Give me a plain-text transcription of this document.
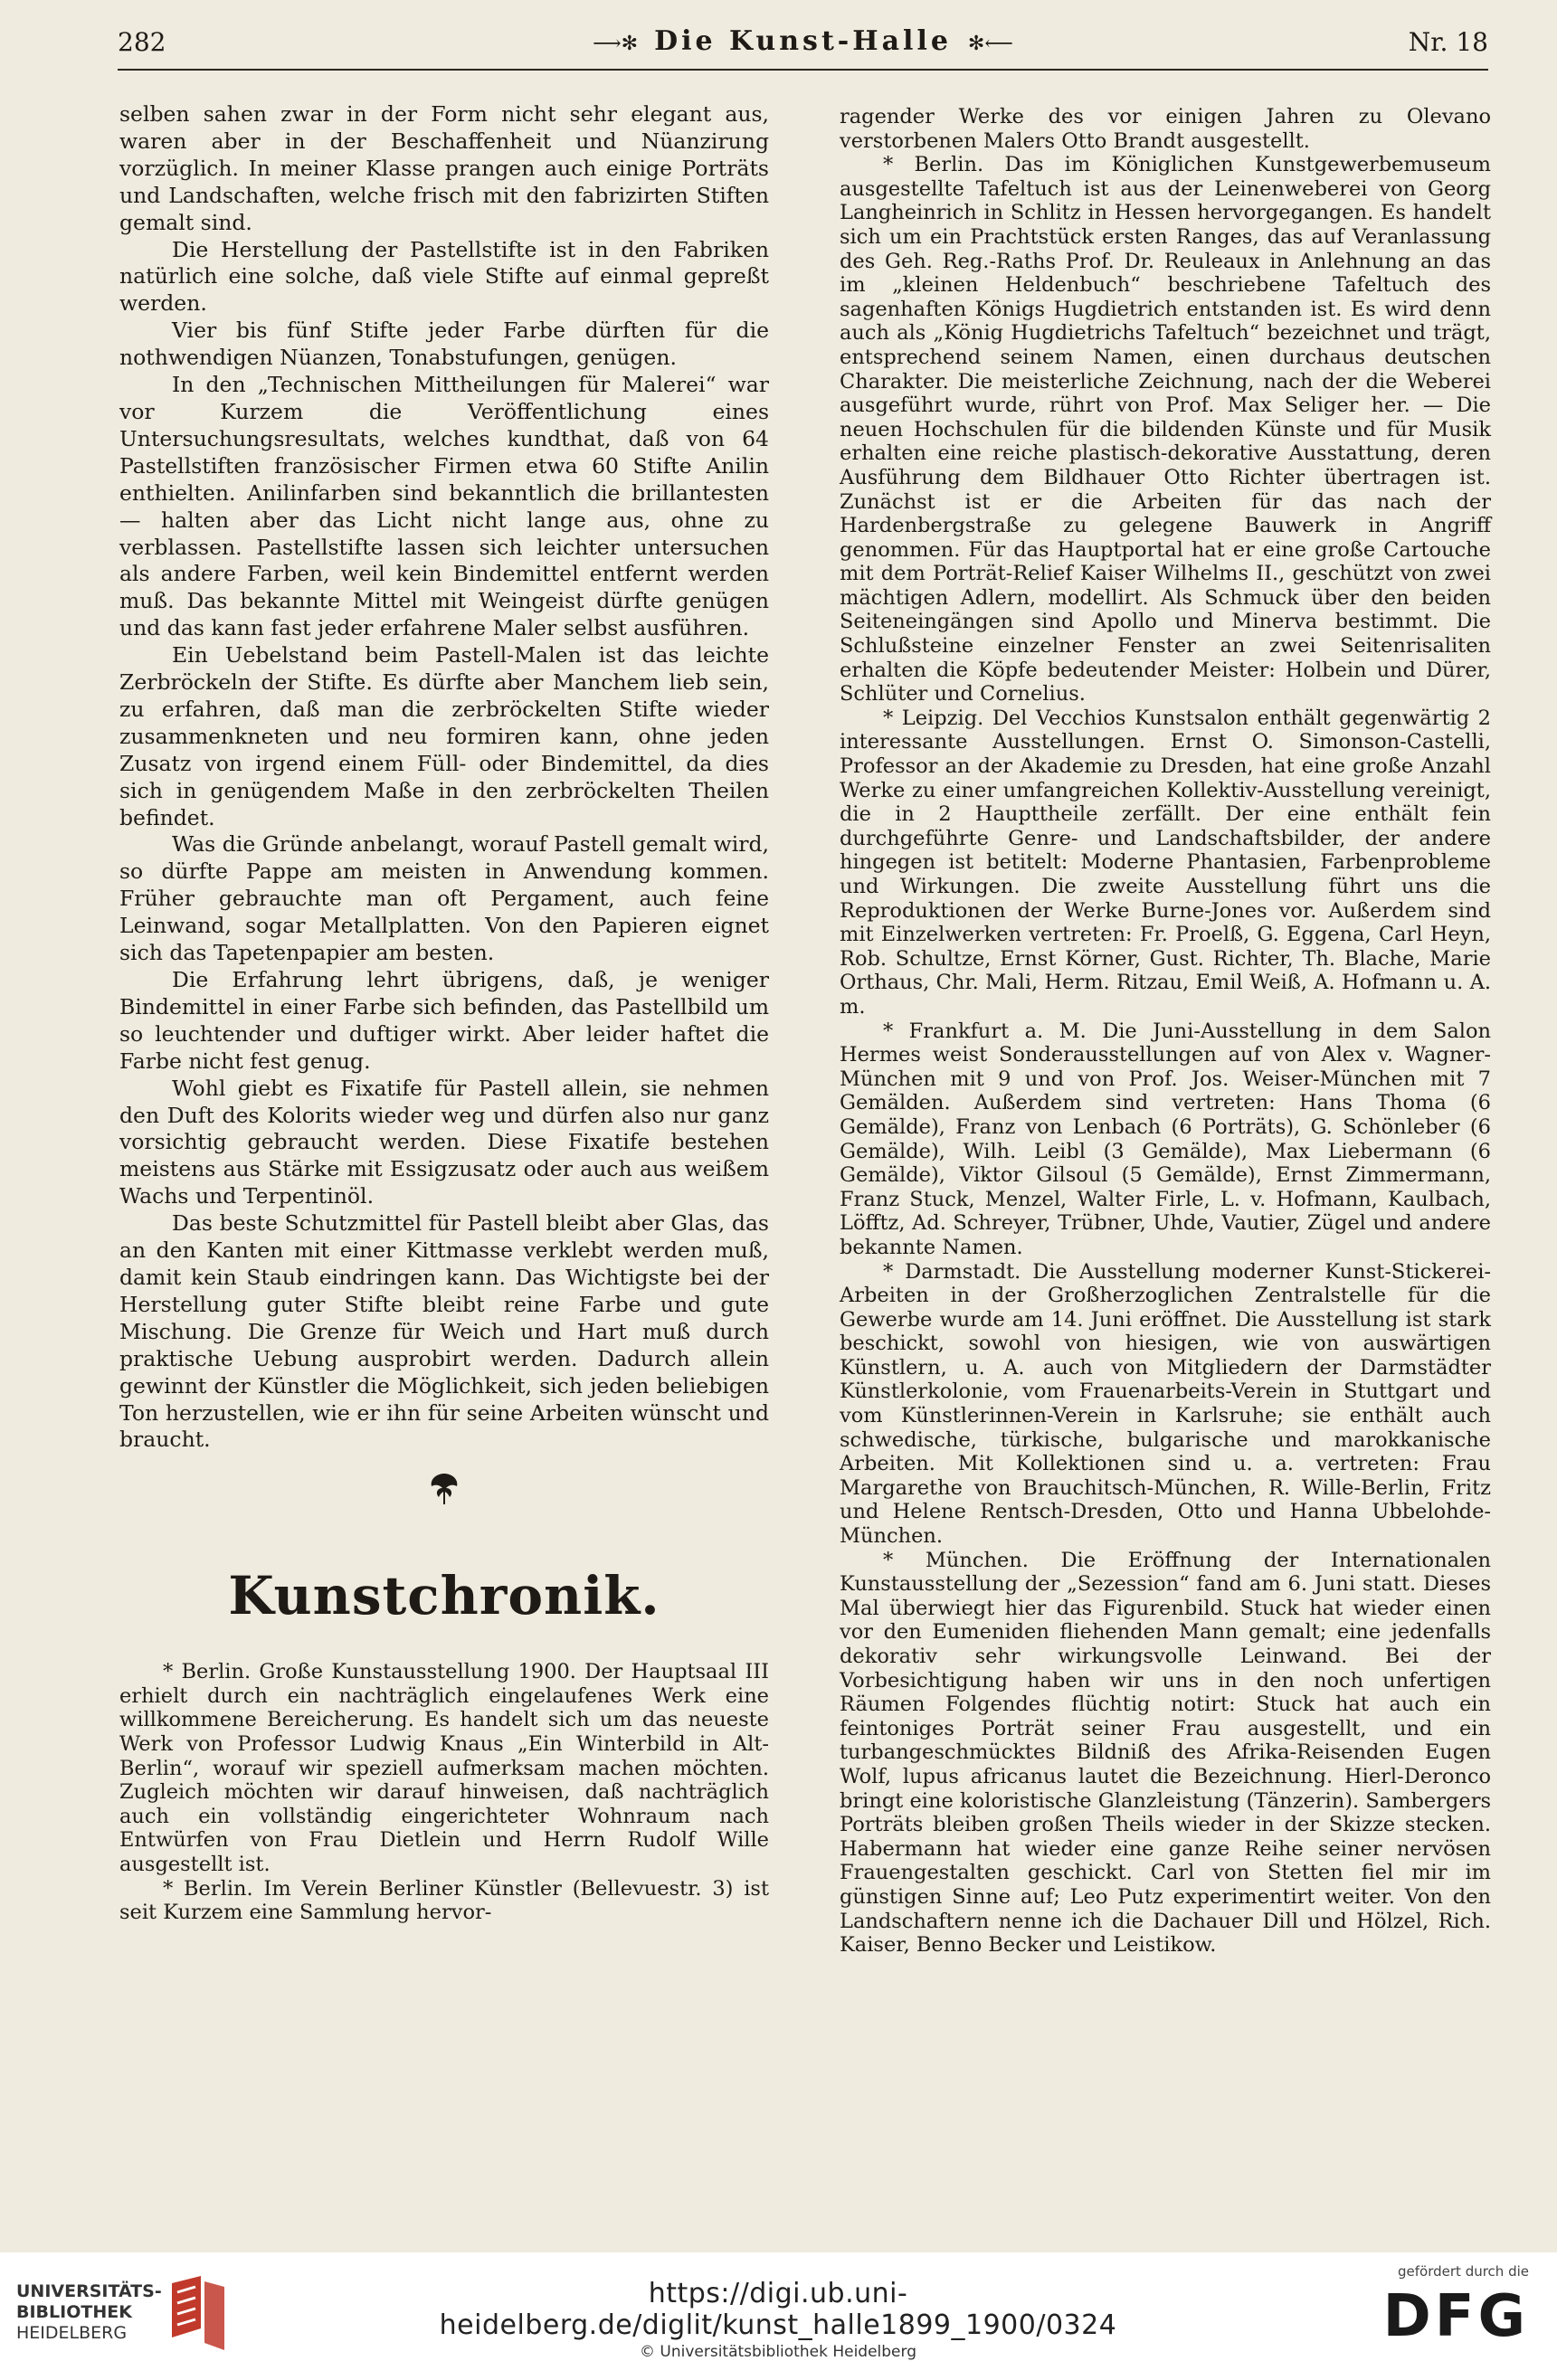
282	⟶✻ Die Kunst-Halle ✻⟵	Nr. 18

selben sahen zwar in der Form nicht sehr elegant aus, waren aber in der Beschaffenheit und Nüanzirung vorzüglich. In meiner Klasse prangen auch einige Porträts und Landschaften, welche frisch mit den fabrizirten Stiften gemalt sind.

Die Herstellung der Pastellstifte ist in den Fabriken natürlich eine solche, daß viele Stifte auf einmal gepreßt werden.

Vier bis fünf Stifte jeder Farbe dürften für die nothwendigen Nüanzen, Tonabstufungen, genügen.

In den „Technischen Mittheilungen für Malerei“ war vor Kurzem die Veröffentlichung eines Untersuchungsresultats, welches kundthat, daß von 64 Pastellstiften französischer Firmen etwa 60 Stifte Anilin enthielten. Anilinfarben sind bekanntlich die brillantesten — halten aber das Licht nicht lange aus, ohne zu verblassen. Pastellstifte lassen sich leichter untersuchen als andere Farben, weil kein Bindemittel entfernt werden muß. Das bekannte Mittel mit Weingeist dürfte genügen und das kann fast jeder erfahrene Maler selbst ausführen.

Ein Uebelstand beim Pastell-Malen ist das leichte Zerbröckeln der Stifte. Es dürfte aber Manchem lieb sein, zu erfahren, daß man die zerbröckelten Stifte wieder zusammenkneten und neu formiren kann, ohne jeden Zusatz von irgend einem Füll- oder Bindemittel, da dies sich in genügendem Maße in den zerbröckelten Theilen befindet.

Was die Gründe anbelangt, worauf Pastell gemalt wird, so dürfte Pappe am meisten in Anwendung kommen. Früher gebrauchte man oft Pergament, auch feine Leinwand, sogar Metallplatten. Von den Papieren eignet sich das Tapetenpapier am besten.

Die Erfahrung lehrt übrigens, daß, je weniger Bindemittel in einer Farbe sich befinden, das Pastellbild um so leuchtender und duftiger wirkt. Aber leider haftet die Farbe nicht fest genug.

Wohl giebt es Fixatife für Pastell allein, sie nehmen den Duft des Kolorits wieder weg und dürfen also nur ganz vorsichtig gebraucht werden. Diese Fixatife bestehen meistens aus Stärke mit Essigzusatz oder auch aus weißem Wachs und Terpentinöl.

Das beste Schutzmittel für Pastell bleibt aber Glas, das an den Kanten mit einer Kittmasse verklebt werden muß, damit kein Staub eindringen kann. Das Wichtigste bei der Herstellung guter Stifte bleibt reine Farbe und gute Mischung. Die Grenze für Weich und Hart muß durch praktische Uebung ausprobirt werden. Dadurch allein gewinnt der Künstler die Möglichkeit, sich jeden beliebigen Ton herzustellen, wie er ihn für seine Arbeiten wünscht und braucht.

Kunstchronik.

* Berlin. Große Kunstausstellung 1900. Der Hauptsaal III erhielt durch ein nachträglich eingelaufenes Werk eine willkommene Bereicherung. Es handelt sich um das neueste Werk von Professor Ludwig Knaus „Ein Winterbild in Alt-Berlin“, worauf wir speziell aufmerksam machen möchten. Zugleich möchten wir darauf hinweisen, daß nachträglich auch ein vollständig eingerichteter Wohnraum nach Entwürfen von Frau Dietlein und Herrn Rudolf Wille ausgestellt ist.

* Berlin. Im Verein Berliner Künstler (Bellevuestr. 3) ist seit Kurzem eine Sammlung hervor-

ragender Werke des vor einigen Jahren zu Olevano verstorbenen Malers Otto Brandt ausgestellt.

* Berlin. Das im Königlichen Kunstgewerbemuseum ausgestellte Tafeltuch ist aus der Leinenweberei von Georg Langheinrich in Schlitz in Hessen hervorgegangen. Es handelt sich um ein Prachtstück ersten Ranges, das auf Veranlassung des Geh. Reg.-Raths Prof. Dr. Reuleaux in Anlehnung an das im „kleinen Heldenbuch“ beschriebene Tafeltuch des sagenhaften Königs Hugdietrich entstanden ist. Es wird denn auch als „König Hugdietrichs Tafeltuch“ bezeichnet und trägt, entsprechend seinem Namen, einen durchaus deutschen Charakter. Die meisterliche Zeichnung, nach der die Weberei ausgeführt wurde, rührt von Prof. Max Seliger her. — Die neuen Hochschulen für die bildenden Künste und für Musik erhalten eine reiche plastisch-dekorative Ausstattung, deren Ausführung dem Bildhauer Otto Richter übertragen ist. Zunächst ist er die Arbeiten für das nach der Hardenbergstraße zu gelegene Bauwerk in Angriff genommen. Für das Hauptportal hat er eine große Cartouche mit dem Porträt-Relief Kaiser Wilhelms II., geschützt von zwei mächtigen Adlern, modellirt. Als Schmuck über den beiden Seiteneingängen sind Apollo und Minerva bestimmt. Die Schlußsteine einzelner Fenster an zwei Seitenrisaliten erhalten die Köpfe bedeutender Meister: Holbein und Dürer, Schlüter und Cornelius.

* Leipzig. Del Vecchios Kunstsalon enthält gegenwärtig 2 interessante Ausstellungen. Ernst O. Simonson-Castelli, Professor an der Akademie zu Dresden, hat eine große Anzahl Werke zu einer umfangreichen Kollektiv-Ausstellung vereinigt, die in 2 Haupttheile zerfällt. Der eine enthält fein durchgeführte Genre- und Landschaftsbilder, der andere hingegen ist betitelt: Moderne Phantasien, Farbenprobleme und Wirkungen. Die zweite Ausstellung führt uns die Reproduktionen der Werke Burne-Jones vor. Außerdem sind mit Einzelwerken vertreten: Fr. Proelß, G. Eggena, Carl Heyn, Rob. Schultze, Ernst Körner, Gust. Richter, Th. Blache, Marie Orthaus, Chr. Mali, Herm. Ritzau, Emil Weiß, A. Hofmann u. A. m.

* Frankfurt a. M. Die Juni-Ausstellung in dem Salon Hermes weist Sonderausstellungen auf von Alex v. Wagner-München mit 9 und von Prof. Jos. Weiser-München mit 7 Gemälden. Außerdem sind vertreten: Hans Thoma (6 Gemälde), Franz von Lenbach (6 Porträts), G. Schönleber (6 Gemälde), Wilh. Leibl (3 Gemälde), Max Liebermann (6 Gemälde), Viktor Gilsoul (5 Gemälde), Ernst Zimmermann, Franz Stuck, Menzel, Walter Firle, L. v. Hofmann, Kaulbach, Löfftz, Ad. Schreyer, Trübner, Uhde, Vautier, Zügel und andere bekannte Namen.

* Darmstadt. Die Ausstellung moderner Kunst-Stickerei-Arbeiten in der Großherzoglichen Zentralstelle für die Gewerbe wurde am 14. Juni eröffnet. Die Ausstellung ist stark beschickt, sowohl von hiesigen, wie von auswärtigen Künstlern, u. A. auch von Mitgliedern der Darmstädter Künstlerkolonie, vom Frauenarbeits-Verein in Stuttgart und vom Künstlerinnen-Verein in Karlsruhe; sie enthält auch schwedische, türkische, bulgarische und marokkanische Arbeiten. Mit Kollektionen sind u. a. vertreten: Frau Margarethe von Brauchitsch-München, R. Wille-Berlin, Fritz und Helene Rentsch-Dresden, Otto und Hanna Ubbelohde-München.

* München. Die Eröffnung der Internationalen Kunstausstellung der „Sezession“ fand am 6. Juni statt. Dieses Mal überwiegt hier das Figurenbild. Stuck hat wieder einen vor den Eumeniden fliehenden Mann gemalt; eine jedenfalls dekorativ sehr wirkungsvolle Leinwand. Bei der Vorbesichtigung haben wir uns in den noch unfertigen Räumen Folgendes flüchtig notirt: Stuck hat auch ein feintoniges Porträt seiner Frau ausgestellt, und ein turbangeschmücktes Bildniß des Afrika-Reisenden Eugen Wolf, lupus africanus lautet die Bezeichnung. Hierl-Deronco bringt eine koloristische Glanzleistung (Tänzerin). Sambergers Porträts bleiben großen Theils wieder in der Skizze stecken. Habermann hat wieder eine ganze Reihe seiner nervösen Frauengestalten geschickt. Carl von Stetten fiel mir im günstigen Sinne auf; Leo Putz experimentirt weiter. Von den Landschaftern nenne ich die Dachauer Dill und Hölzel, Rich. Kaiser, Benno Becker und Leistikow.

UNIVERSITÄTS-
BIBLIOTHEK
HEIDELBERG
https://digi.ub.uni-heidelberg.de/diglit/kunst_halle1899_1900/0324
© Universitätsbibliothek Heidelberg
gefördert durch die
DFG
